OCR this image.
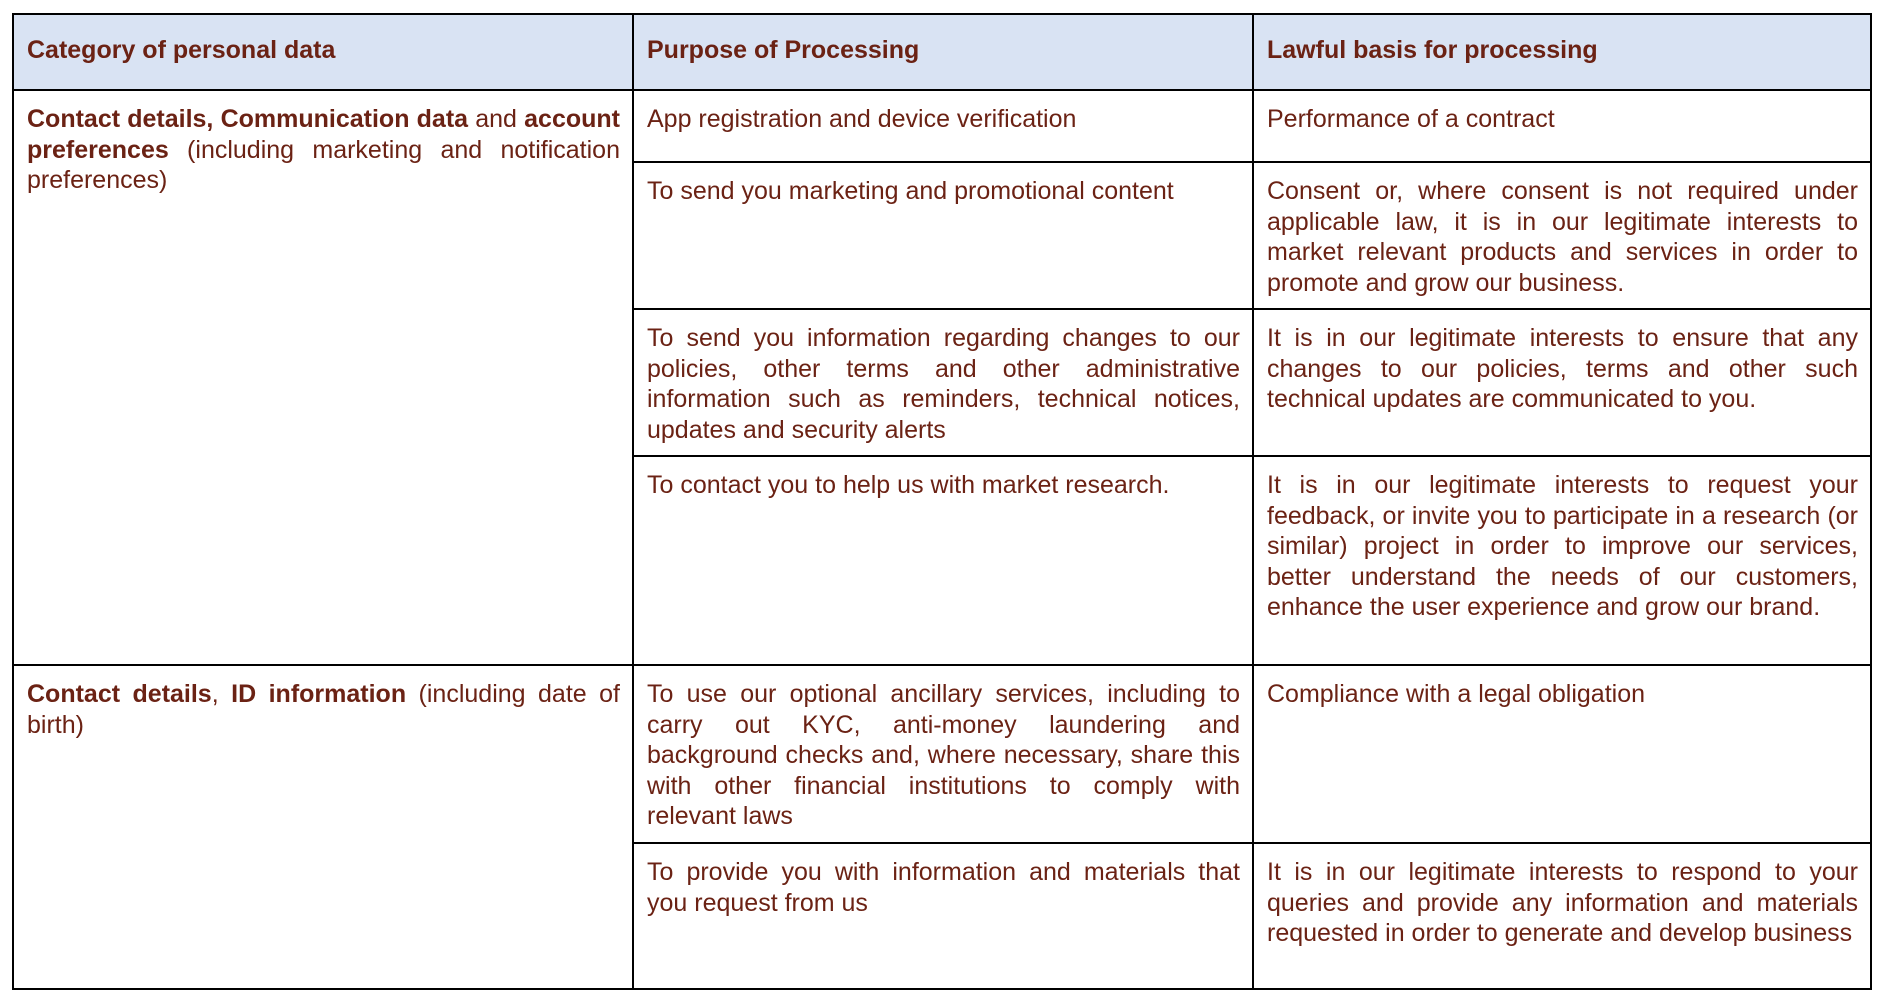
Category of personal data	Purpose of Processing	Lawful basis for processing
Contact details, Communication data and account preferences (including marketing and notification preferences)	App registration and device verification	Performance of a contract
	To send you marketing and promotional content	Consent or, where consent is not required under applicable law, it is in our legitimate interests to market relevant products and services in order to promote and grow our business.
	To send you information regarding changes to our policies, other terms and other administrative information such as reminders, technical notices, updates and security alerts	It is in our legitimate interests to ensure that any changes to our policies, terms and other such technical updates are communicated to you.
	To contact you to help us with market research.	It is in our legitimate interests to request your feedback, or invite you to participate in a research (or similar) project in order to improve our services, better understand the needs of our customers, enhance the user experience and grow our brand.
Contact details, ID information (including date of birth)	To use our optional ancillary services, including to carry out KYC, anti-money laundering and background checks and, where necessary, share this with other financial institutions to comply with relevant laws	Compliance with a legal obligation
	To provide you with information and materials that you request from us	It is in our legitimate interests to respond to your queries and provide any information and materials requested in order to generate and develop business
